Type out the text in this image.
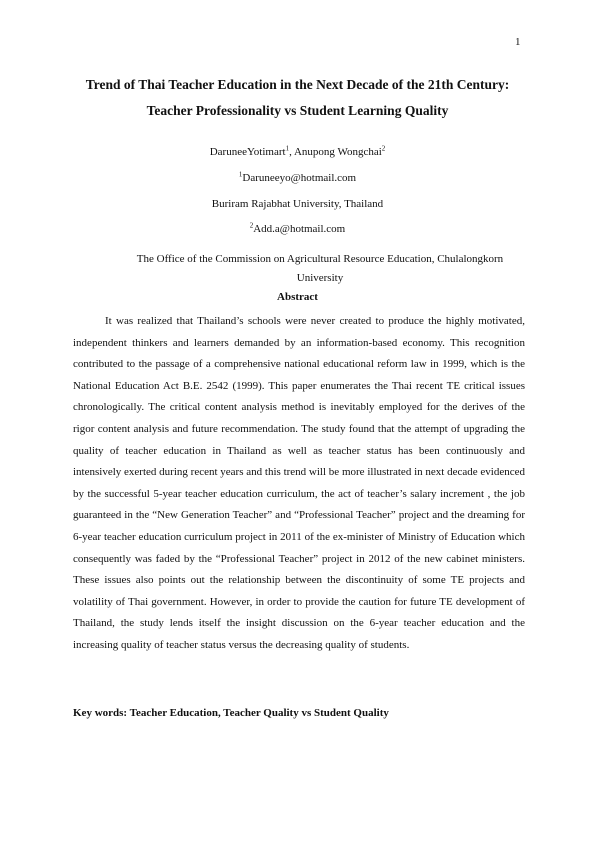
1
Trend of Thai Teacher Education in the Next Decade of the 21th Century:
Teacher Professionality vs Student Learning Quality
DaruneeYotimart$^1$, Anupong Wongchai$^2$
$^1$Daruneeyo@hotmail.com
Buriram Rajabhat University, Thailand
$^2$Add.a@hotmail.com
The Office of the Commission on Agricultural Resource Education, Chulalongkorn University
Abstract

It was realized that Thailand’s schools were never created to produce the highly motivated, independent thinkers and learners demanded by an information-based economy. This recognition contributed to the passage of a comprehensive national educational reform law in 1999, which is the National Education Act B.E. 2542 (1999). This paper enumerates the Thai recent TE critical issues chronologically. The critical content analysis method is inevitably employed for the derives of the rigor content analysis and future recommendation. The study found that the attempt of upgrading the quality of teacher education in Thailand as well as teacher status has been continuously and intensively exerted during recent years and this trend will be more illustrated in next decade evidenced by the successful 5-year teacher education curriculum, the act of teacher’s salary increment , the job guaranteed in the “New Generation Teacher” and “Professional Teacher” project and the dreaming for 6-year teacher education curriculum project in 2011 of the ex-minister of Ministry of Education which consequently was faded by the “Professional Teacher” project in 2012 of the new cabinet ministers. These issues also points out the relationship between the discontinuity of some TE projects and volatility of Thai government. However, in order to provide the caution for future TE development of Thailand, the study lends itself the insight discussion on the 6-year teacher education and the increasing quality of teacher status versus the decreasing quality of students.

Key words: Teacher Education, Teacher Quality vs Student Quality
